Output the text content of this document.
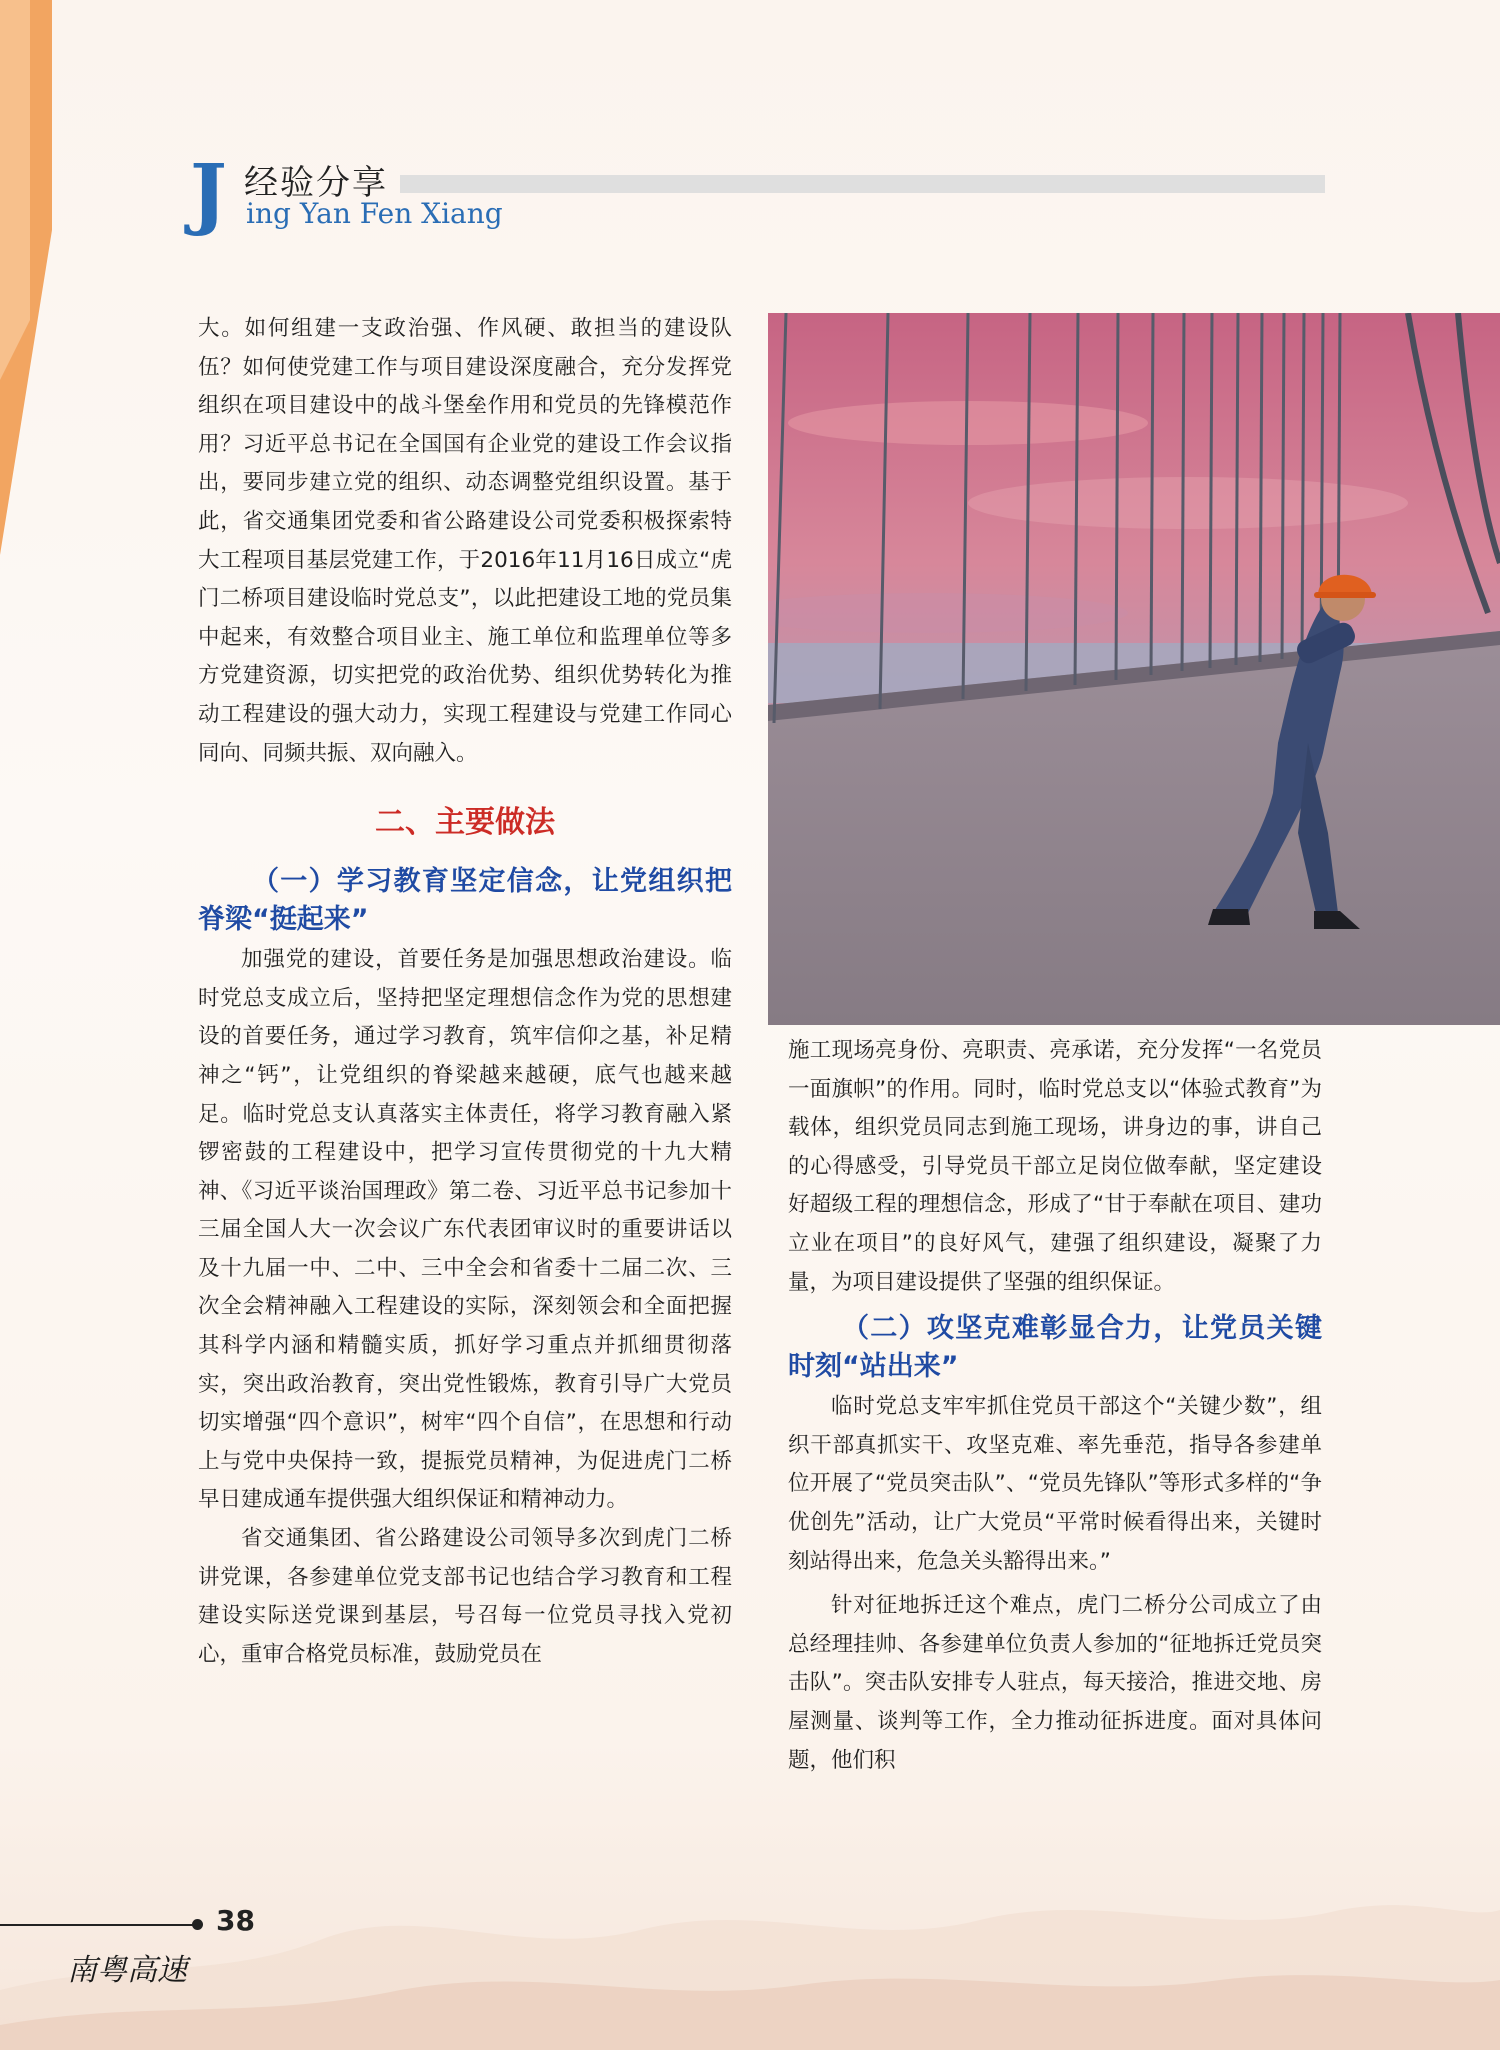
J 经验分享
ing Yan Fen Xiang

大。如何组建一支政治强、作风硬、敢担当的建设队伍？如何使党建工作与项目建设深度融合，充分发挥党组织在项目建设中的战斗堡垒作用和党员的先锋模范作用？习近平总书记在全国国有企业党的建设工作会议指出，要同步建立党的组织、动态调整党组织设置。基于此，省交通集团党委和省公路建设公司党委积极探索特大工程项目基层党建工作，于2016年11月16日成立“虎门二桥项目建设临时党总支”，以此把建设工地的党员集中起来，有效整合项目业主、施工单位和监理单位等多方党建资源，切实把党的政治优势、组织优势转化为推动工程建设的强大动力，实现工程建设与党建工作同心同向、同频共振、双向融入。

二、主要做法
（一）学习教育坚定信念，让党组织把脊梁“挺起来”

加强党的建设，首要任务是加强思想政治建设。临时党总支成立后，坚持把坚定理想信念作为党的思想建设的首要任务，通过学习教育，筑牢信仰之基，补足精神之“钙”，让党组织的脊梁越来越硬，底气也越来越足。临时党总支认真落实主体责任，将学习教育融入紧锣密鼓的工程建设中，把学习宣传贯彻党的十九大精神、《习近平谈治国理政》第二卷、习近平总书记参加十三届全国人大一次会议广东代表团审议时的重要讲话以及十九届一中、二中、三中全会和省委十二届二次、三次全会精神融入工程建设的实际，深刻领会和全面把握其科学内涵和精髓实质，抓好学习重点并抓细贯彻落实，突出政治教育，突出党性锻炼，教育引导广大党员切实增强“四个意识”，树牢“四个自信”，在思想和行动上与党中央保持一致，提振党员精神，为促进虎门二桥早日建成通车提供强大组织保证和精神动力。

省交通集团、省公路建设公司领导多次到虎门二桥讲党课，各参建单位党支部书记也结合学习教育和工程建设实际送党课到基层，号召每一位党员寻找入党初心，重审合格党员标准，鼓励党员在

施工现场亮身份、亮职责、亮承诺，充分发挥“一名党员一面旗帜”的作用。同时，临时党总支以“体验式教育”为载体，组织党员同志到施工现场，讲身边的事，讲自己的心得感受，引导党员干部立足岗位做奉献，坚定建设好超级工程的理想信念，形成了“甘于奉献在项目、建功立业在项目”的良好风气，建强了组织建设，凝聚了力量，为项目建设提供了坚强的组织保证。

（二）攻坚克难彰显合力，让党员关键时刻“站出来”

临时党总支牢牢抓住党员干部这个“关键少数”，组织干部真抓实干、攻坚克难、率先垂范，指导各参建单位开展了“党员突击队”、“党员先锋队”等形式多样的“争优创先”活动，让广大党员“平常时候看得出来，关键时刻站得出来，危急关头豁得出来。”

针对征地拆迁这个难点，虎门二桥分公司成立了由总经理挂帅、各参建单位负责人参加的“征地拆迁党员突击队”。突击队安排专人驻点，每天接洽，推进交地、房屋测量、谈判等工作，全力推动征拆进度。面对具体问题，他们积

38
南粤高速
